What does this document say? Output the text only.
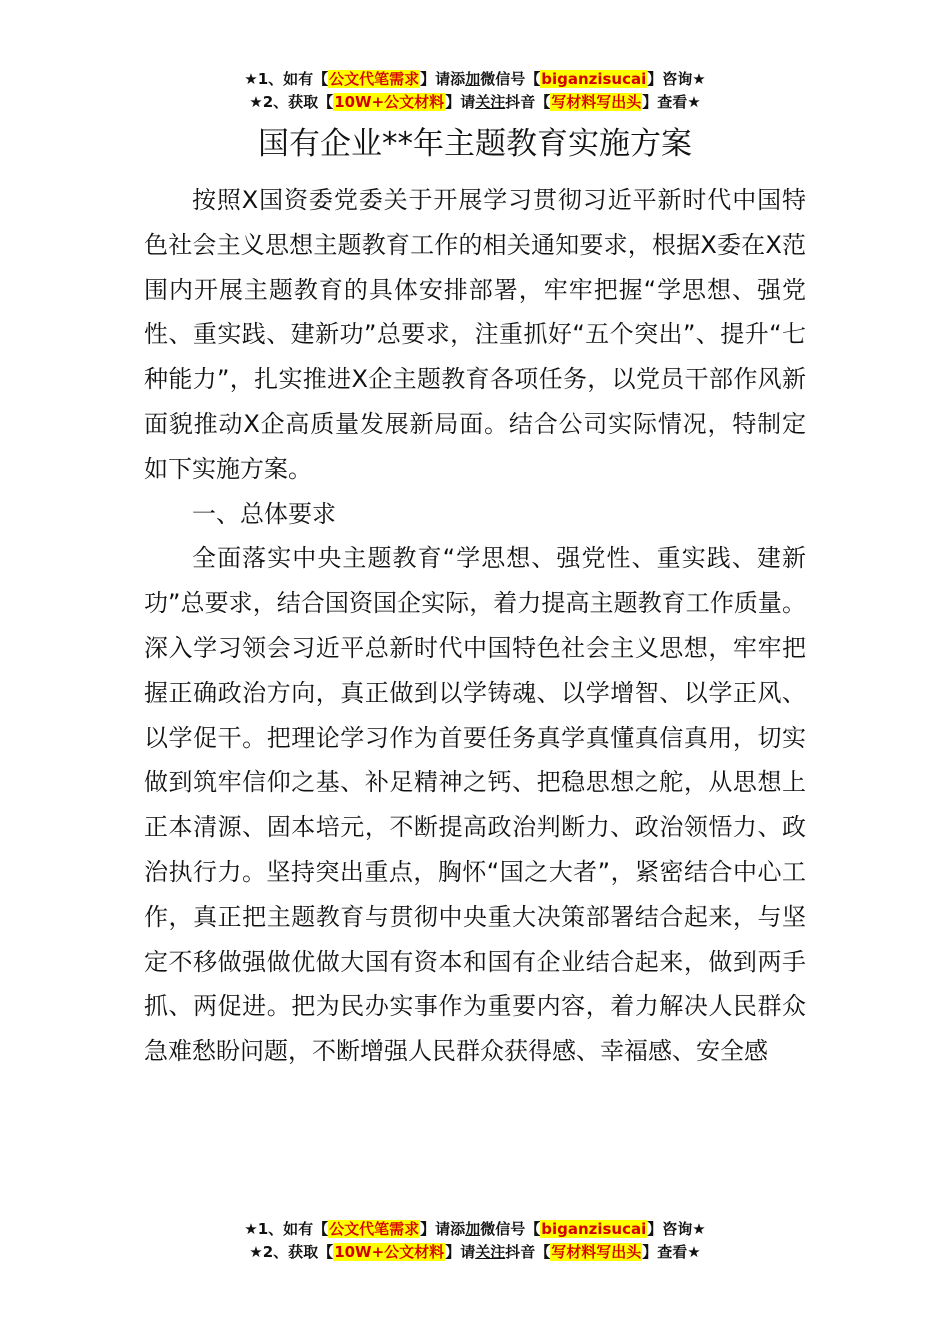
★1、如有【公文代笔需求】请添加微信号【biganzisucai】咨询★
★2、获取【10W+公文材料】请关注抖音【写材料写出头】查看★
国有企业**年主题教育实施方案

按照X国资委党委关于开展学习贯彻习近平新时代中国特色社会主义思想主题教育工作的相关通知要求，根据X委在X范围内开展主题教育的具体安排部署，牢牢把握“学思想、强党性、重实践、建新功”总要求，注重抓好“五个突出”、提升“七种能力”，扎实推进X企主题教育各项任务，以党员干部作风新面貌推动X企高质量发展新局面。结合公司实际情况，特制定如下实施方案。

一、总体要求

全面落实中央主题教育“学思想、强党性、重实践、建新功”总要求，结合国资国企实际，着力提高主题教育工作质量。深入学习领会习近平总新时代中国特色社会主义思想，牢牢把握正确政治方向，真正做到以学铸魂、以学增智、以学正风、以学促干。把理论学习作为首要任务真学真懂真信真用，切实做到筑牢信仰之基、补足精神之钙、把稳思想之舵，从思想上正本清源、固本培元，不断提高政治判断力、政治领悟力、政治执行力。坚持突出重点，胸怀“国之大者”，紧密结合中心工作，真正把主题教育与贯彻中央重大决策部署结合起来，与坚定不移做强做优做大国有资本和国有企业结合起来，做到两手抓、两促进。把为民办实事作为重要内容，着力解决人民群众急难愁盼问题，不断增强人民群众获得感、幸福感、安全感

★1、如有【公文代笔需求】请添加微信号【biganzisucai】咨询★
★2、获取【10W+公文材料】请关注抖音【写材料写出头】查看★
